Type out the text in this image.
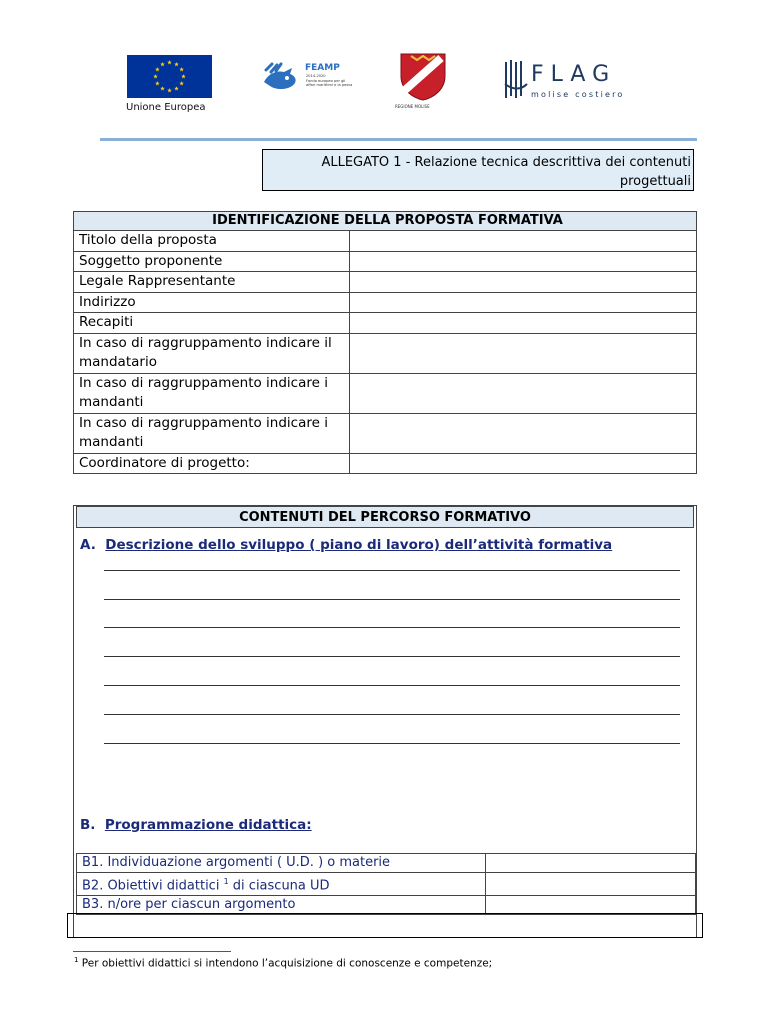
Unione Europea
FEAMP
2014-2020
Fondo europeo per gli
affari marittimi e la pesca
REGIONE MOLISE
FLAG
molise costiero
ALLEGATO 1 - Relazione tecnica descrittiva dei contenuti
progettuali
IDENTIFICAZIONE DELLA PROPOSTA FORMATIVA	
Titolo della proposta	
Soggetto proponente	
Legale Rappresentante	
Indirizzo	
Recapiti	
In caso di raggruppamento indicare il mandatario	
In caso di raggruppamento indicare i mandanti	
In caso di raggruppamento indicare i mandanti	
Coordinatore di progetto:	
CONTENUTI DEL PERCORSO FORMATIVO
A. Descrizione dello sviluppo ( piano di lavoro) dell’attività formativa
B. Programmazione didattica:
B1. Individuazione argomenti ( U.D. ) o materie	
B2. Obiettivi didattici $^1$ di ciascuna UD	
B3. n/ore per ciascun argomento	
$^1$ Per obiettivi didattici si intendono l’acquisizione di conoscenze e competenze;
